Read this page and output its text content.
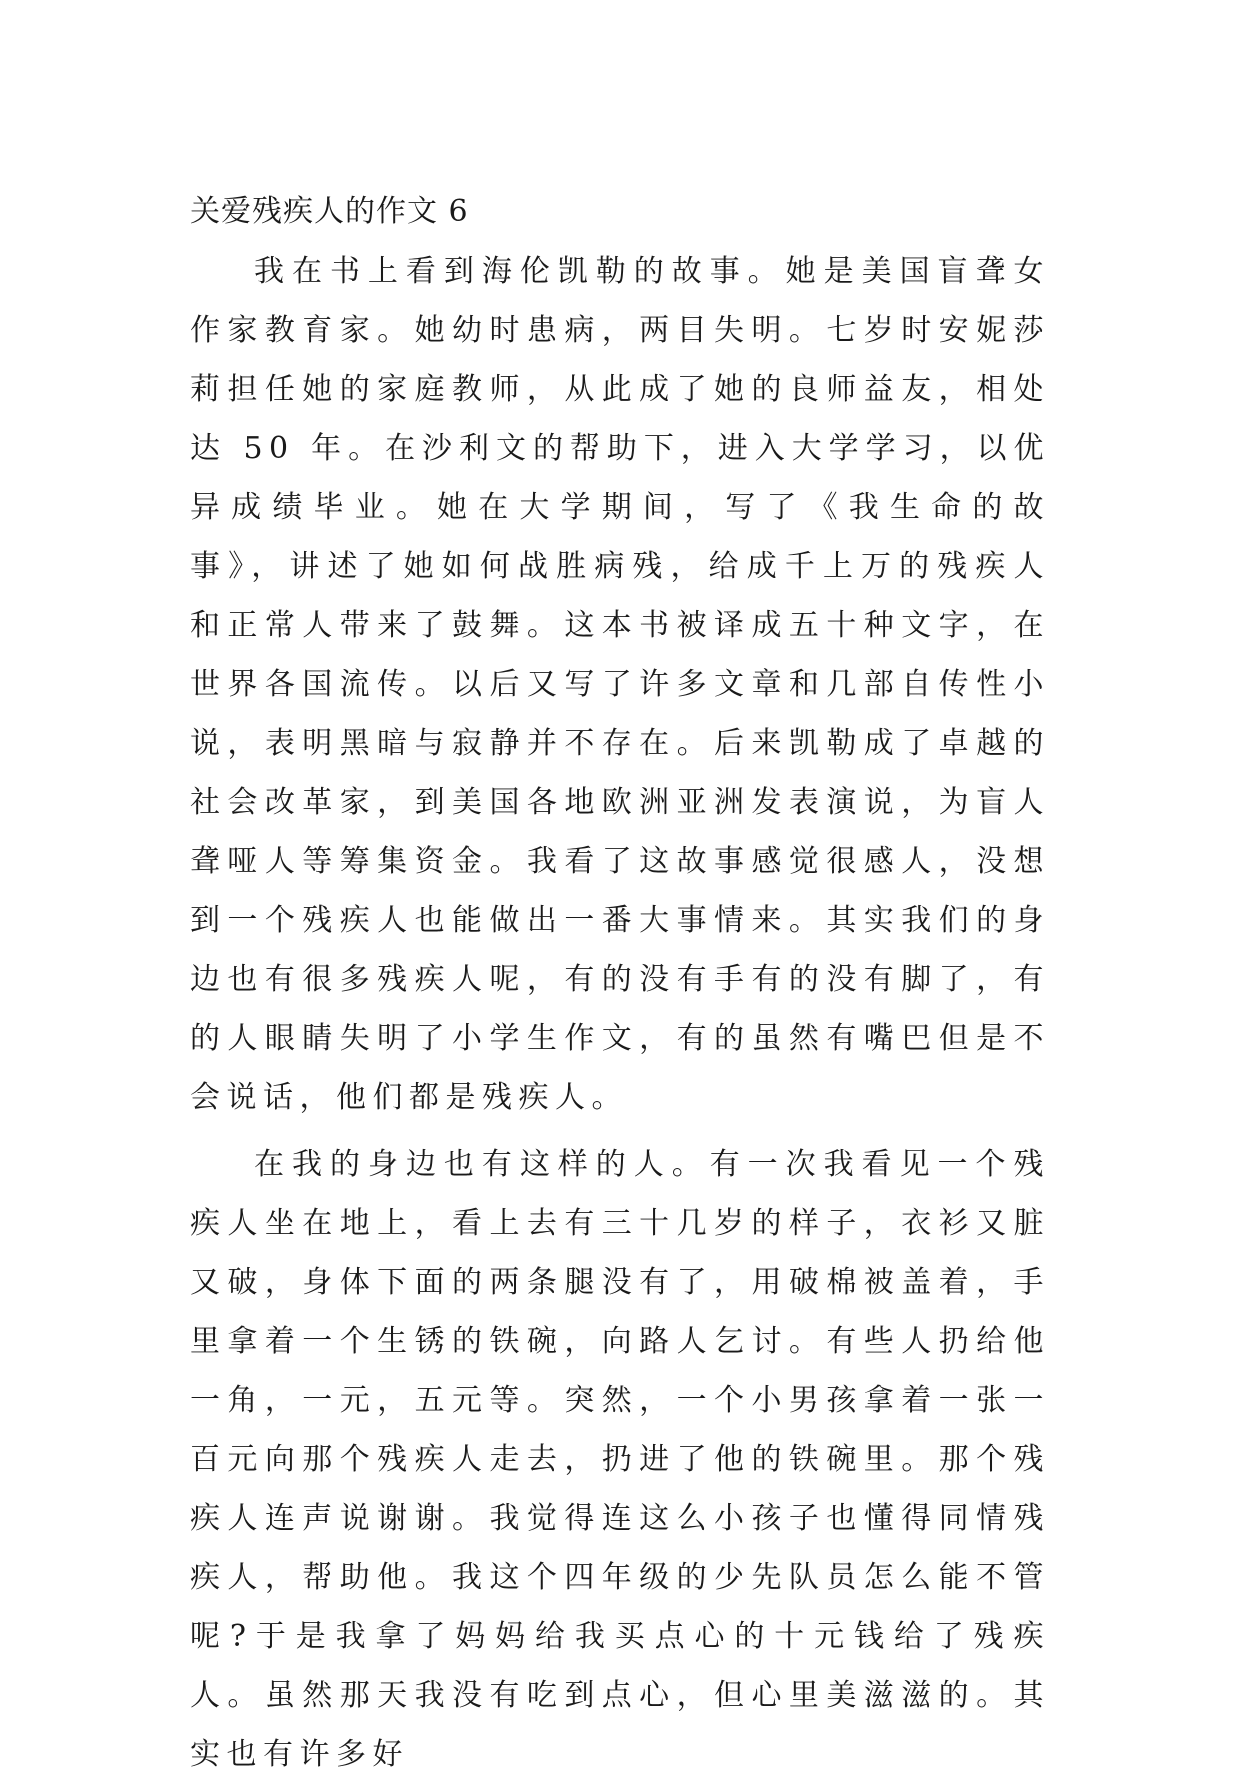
关爱残疾人的作文 6

我在书上看到海伦凯勒的故事。她是美国盲聋女作家教育家。她幼时患病，两目失明。七岁时安妮莎莉担任她的家庭教师，从此成了她的良师益友，相处达 50 年。在沙利文的帮助下，进入大学学习，以优异成绩毕业。她在大学期间，写了《我生命的故事》，讲述了她如何战胜病残，给成千上万的残疾人和正常人带来了鼓舞。这本书被译成五十种文字，在世界各国流传。以后又写了许多文章和几部自传性小说，表明黑暗与寂静并不存在。后来凯勒成了卓越的社会改革家，到美国各地欧洲亚洲发表演说，为盲人聋哑人等筹集资金。我看了这故事感觉很感人，没想到一个残疾人也能做出一番大事情来。其实我们的身边也有很多残疾人呢，有的没有手有的没有脚了，有的人眼睛失明了小学生作文，有的虽然有嘴巴但是不会说话，他们都是残疾人。

在我的身边也有这样的人。有一次我看见一个残疾人坐在地上，看上去有三十几岁的样子，衣衫又脏又破，身体下面的两条腿没有了，用破棉被盖着，手里拿着一个生锈的铁碗，向路人乞讨。有些人扔给他一角，一元，五元等。突然，一个小男孩拿着一张一百元向那个残疾人走去，扔进了他的铁碗里。那个残疾人连声说谢谢。我觉得连这么小孩子也懂得同情残疾人，帮助他。我这个四年级的少先队员怎么能不管呢?于是我拿了妈妈给我买点心的十元钱给了残疾人。虽然那天我没有吃到点心，但心里美滋滋的。其实也有许多好
